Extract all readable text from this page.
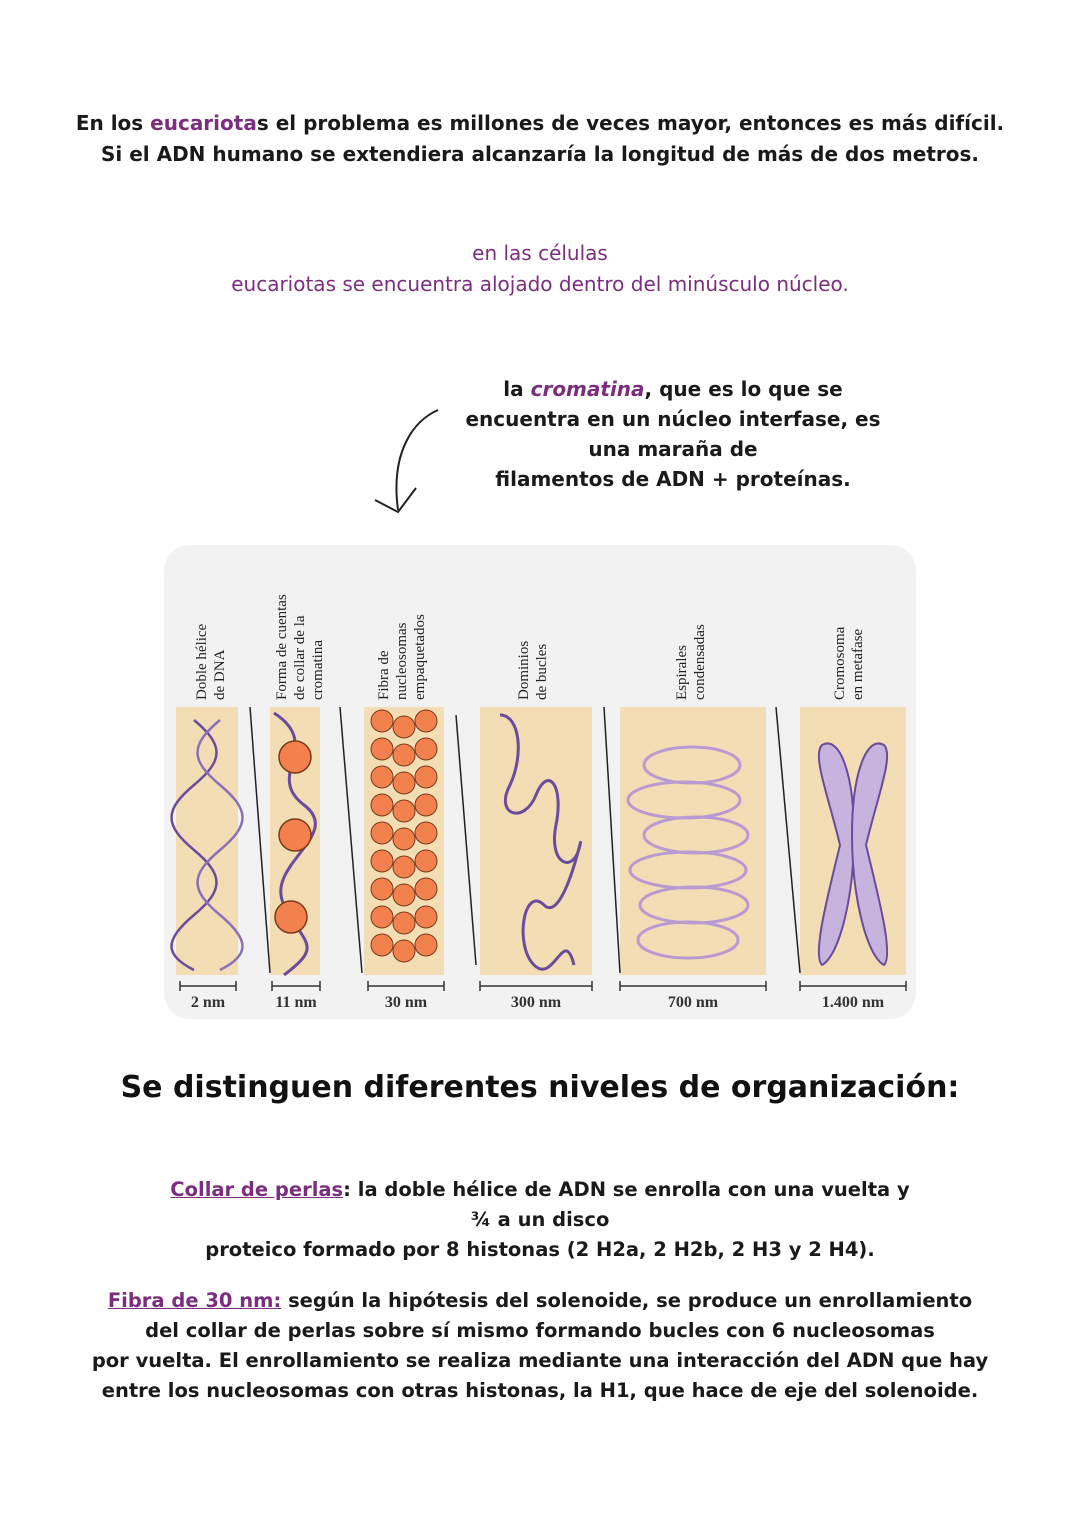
En los eucariotas el problema es millones de veces mayor, entonces es más difícil.
Si el ADN humano se extendiera alcanzaría la longitud de más de dos metros.
en las células
eucariotas se encuentra alojado dentro del minúsculo núcleo.
la cromatina, que es lo que se
encuentra en un núcleo interfase, es
una maraña de
filamentos de ADN + proteínas.
Doble hélice de DNA	Forma de cuentas de collar de la cromatina	Fibra de nucleosomas empaquetados	Dominios de bucles	Espirales condensadas	Cromosoma en metafase
2 nm	11 nm	30 nm	300 nm	700 nm	1.400 nm
Se distinguen diferentes niveles de organización:
Collar de perlas: la doble hélice de ADN se enrolla con una vuelta y
¾ a un disco
proteico formado por 8 histonas (2 H2a, 2 H2b, 2 H3 y 2 H4).
Fibra de 30 nm: según la hipótesis del solenoide, se produce un enrollamiento
del collar de perlas sobre sí mismo formando bucles con 6 nucleosomas
por vuelta. El enrollamiento se realiza mediante una interacción del ADN que hay
entre los nucleosomas con otras histonas, la H1, que hace de eje del solenoide.
